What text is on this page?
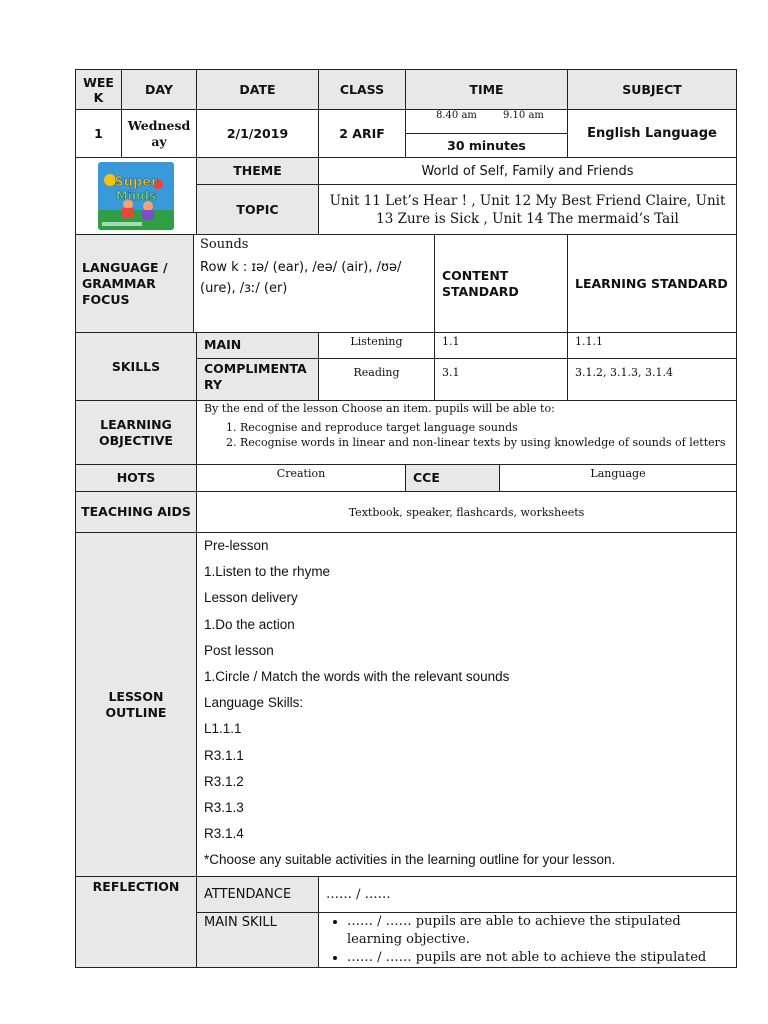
WEE
K
DAY	DATE	CLASS	TIME	SUBJECT
1
Wednesd
ay
2/1/2019	2 ARIF
8.40 am	9.10 am
30 minutes
English Language
Super
Minds
THEME	World of Self, Family and Friends
TOPIC
Unit 11 Let’s Hear ! , Unit 12 My Best Friend Claire, Unit 13 Zure is Sick , Unit 14 The mermaid’s Tail
LANGUAGE / GRAMMAR FOCUS
Sounds
Row k : ɪə/ (ear), /eə/ (air), /ʊə/ (ure), /ɜː/ (er)
CONTENT STANDARD
LEARNING STANDARD
SKILLS
MAIN	Listening	1.1	1.1.1
COMPLIMENTARY
Reading	3.1	3.1.2, 3.1.3, 3.1.4
LEARNING OBJECTIVE
By the end of the lesson Choose an item. pupils will be able to:
1. Recognise and reproduce target language sounds
2. Recognise words in linear and non-linear texts by using knowledge of sounds of letters
HOTS	Creation	CCE	Language
TEACHING AIDS	Textbook, speaker, flashcards, worksheets
LESSON OUTLINE
Pre-lesson
1.Listen to the rhyme
Lesson delivery
1.Do the action
Post lesson
1.Circle / Match the words with the relevant sounds
Language Skills:
L1.1.1
R3.1.1
R3.1.2
R3.1.3
R3.1.4
*Choose any suitable activities in the learning outline for your lesson.
REFLECTION
ATTENDANCE	…… / ……
MAIN SKILL
•	…… / …… pupils are able to achieve the stipulated learning objective.
• …… / …… pupils are not able to achieve the stipulated
